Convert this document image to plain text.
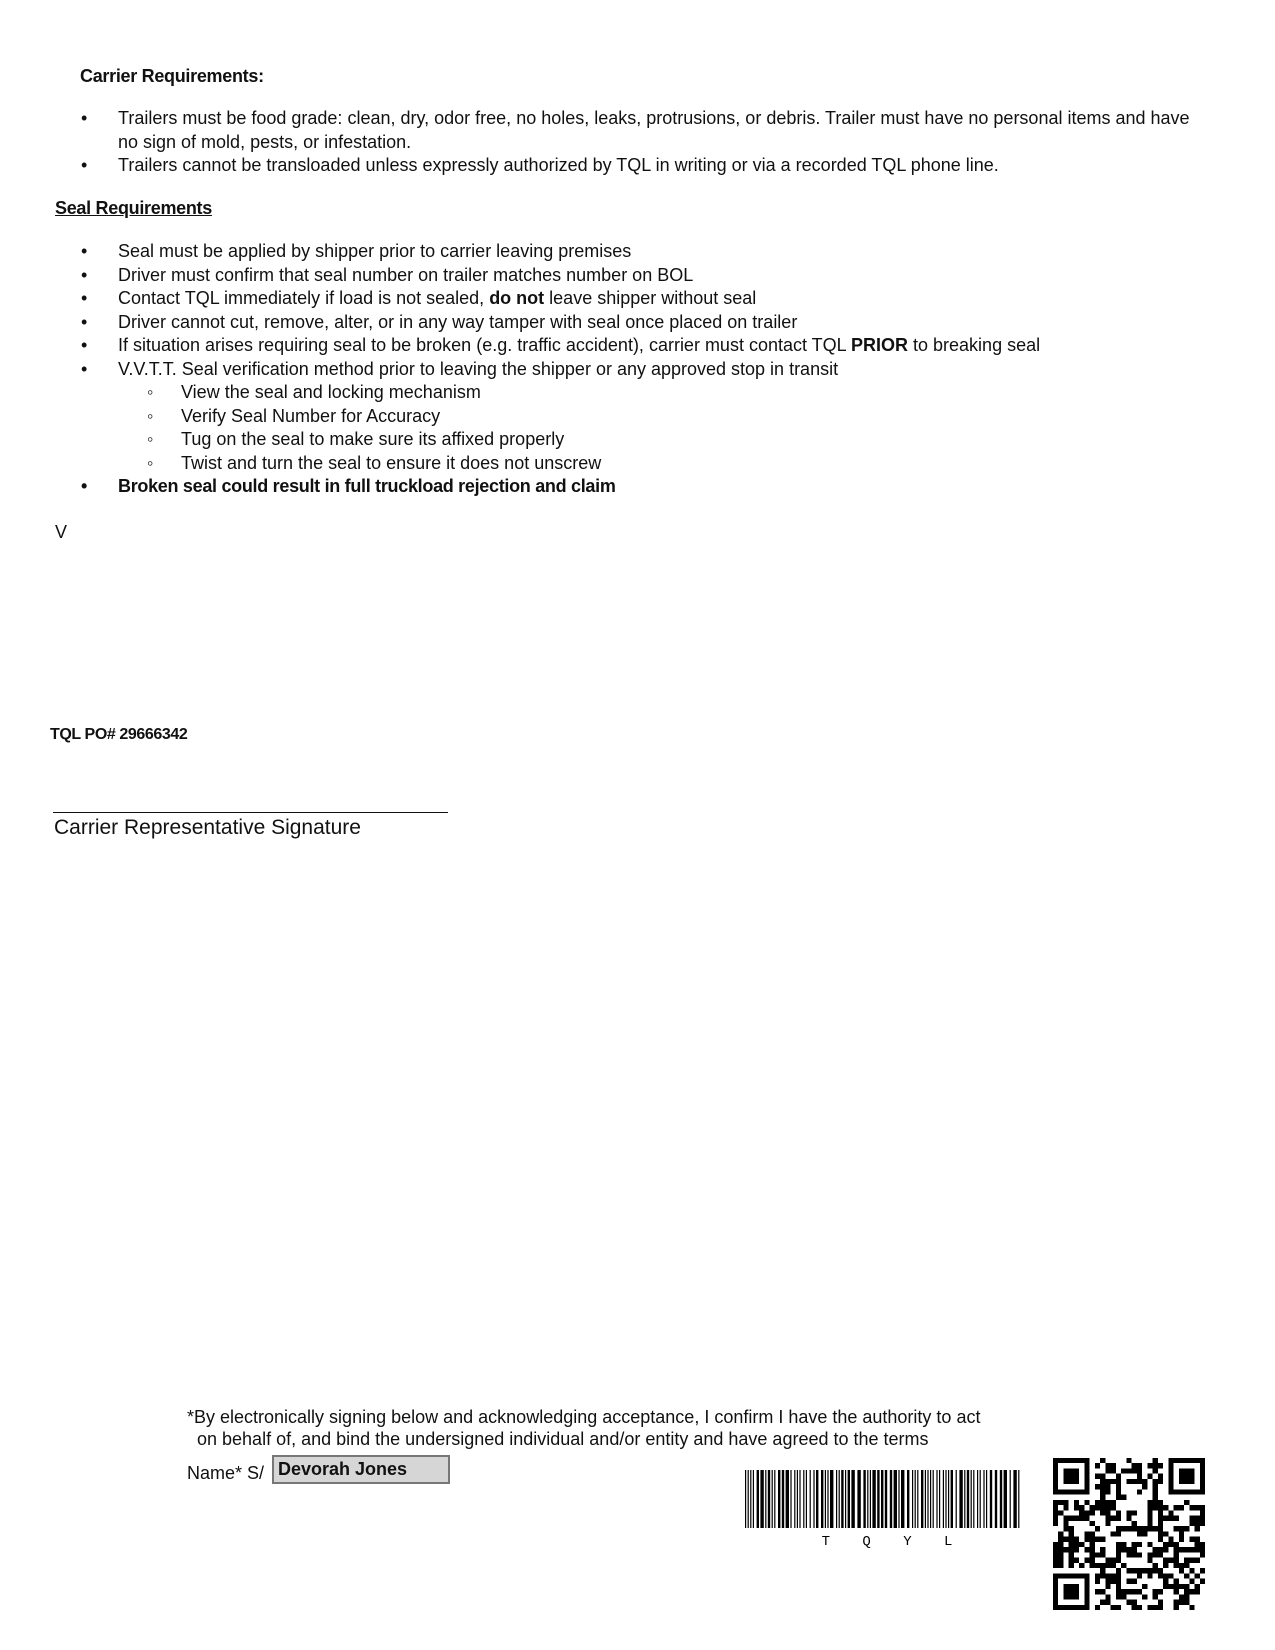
Carrier Requirements:
• Trailers must be food grade: clean, dry, odor free, no holes, leaks, protrusions, or debris. Trailer must have no personal items and have no sign of mold, pests, or infestation.
• Trailers cannot be transloaded unless expressly authorized by TQL in writing or via a recorded TQL phone line.
Seal Requirements
• Seal must be applied by shipper prior to carrier leaving premises
• Driver must confirm that seal number on trailer matches number on BOL
• Contact TQL immediately if load is not sealed, do not leave shipper without seal
• Driver cannot cut, remove, alter, or in any way tamper with seal once placed on trailer
• If situation arises requiring seal to be broken (e.g. traffic accident), carrier must contact TQL PRIOR to breaking seal
• V.V.T.T. Seal verification method prior to leaving the shipper or any approved stop in transit
◦ View the seal and locking mechanism
◦ Verify Seal Number for Accuracy
◦ Tug on the seal to make sure its affixed properly
◦ Twist and turn the seal to ensure it does not unscrew
• Broken seal could result in full truckload rejection and claim
V
TQL PO# 29666342
Carrier Representative Signature
*By electronically signing below and acknowledging acceptance, I confirm I have the authority to act
on behalf of, and bind the undersigned individual and/or entity and have agreed to the terms
Name* S/ Devorah Jones
T Q Y L
